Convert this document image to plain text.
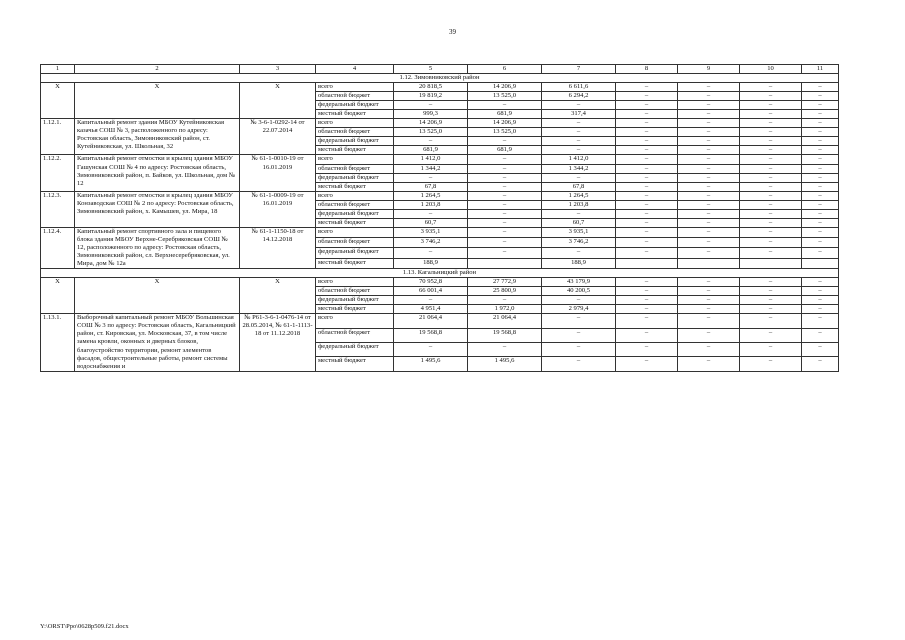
39
1	2	3	4	5	6	7	8	9	10	11
1.12. Зимовниковский район										
Х	Х	Х	всего	20 818,5	14 206,9	6 611,6	–	–	–	–
			областной бюджет	19 819,2	13 525,0	6 294,2	–	–	–	–
			федеральный бюджет	–	–	–	–	–	–	–
			местный бюджет	999,3	681,9	317,4	–	–	–	–
1.12.1.	Капитальный ремонт здания МБОУ Кутейниковская казачья СОШ № 3, расположенного по адресу: Ростовская область, Зимовниковский район, ст. Кутейниковская, ул. Школьная, 32	№ 3-6-1-0292-14 от 22.07.2014	всего	14 206,9	14 206,9	–	–	–	–	–
			областной бюджет	13 525,0	13 525,0	–	–	–	–	–
			федеральный бюджет	–	–	–	–	–	–	–
			местный бюджет	681,9	681,9	–	–	–	–	–
1.12.2.	Капитальный ремонт отмостки и крылец здания МБОУ Гашунская СОШ № 4 по адресу: Ростовская область, Зимовниковский район, п. Байков, ул. Школьная, дом № 12	№ 61-1-0010-19 от 16.01.2019	всего	1 412,0	–	1 412,0	–	–	–	–
			областной бюджет	1 344,2	–	1 344,2	–	–	–	–
			федеральный бюджет	–	–	–	–	–	–	–
			местный бюджет	67,8	–	67,8	–	–	–	–
1.12.3.	Капитальный ремонт отмостки и крылец здания МБОУ Конзаводская СОШ № 2 по адресу: Ростовская область, Зимовниковский район, х. Камышев, ул. Мира, 18	№ 61-1-0009-19 от 16.01.2019	всего	1 264,5	–	1 264,5	–	–	–	–
			областной бюджет	1 203,8	–	1 203,8	–	–	–	–
			федеральный бюджет	–	–	–	–	–	–	–
			местный бюджет	60,7	–	60,7	–	–	–	–
1.12.4.	Капитальный ремонт спортивного зала и пищевого блока здания МБОУ Верхне-Серебряковская СОШ № 12, расположенного по адресу: Ростовская область, Зимовниковский район, сл. Верхнесеребряковская, ул. Мира, дом № 12а	№ 61-1-1150-18 от 14.12.2018	всего	3 935,1	–	3 935,1	–	–	–	–
			областной бюджет	3 746,2	–	3 746,2	–	–	–	–
			федеральный бюджет	–	–	–	–	–	–	–
			местный бюджет	188,9		188,9				
1.13. Кагальницкий район										
Х	Х	Х	всего	70 952,8	27 772,9	43 179,9	–	–	–	–
			областной бюджет	66 001,4	25 800,9	40 200,5	–	–	–	–
			федеральный бюджет	–	–	–	–	–	–	–
			местный бюджет	4 951,4	1 972,0	2 979,4	–	–	–	–
1.13.1.	Выборочный капитальный ремонт МБОУ Вольшинская СОШ № 3 по адресу: Ростовская область, Кагальницкий район, ст. Кировская, ул. Московская, 37, в том числе замена кровли, оконных и дверных блоков, благоустройство территории, ремонт элементов фасадов, общестроительные работы, ремонт системы водоснабжения и	№ Р61-3-6-1-0476-14 от 28.05.2014, № 61-1-1113-18 от 11.12.2018	всего	21 064,4	21 064,4	–	–	–	–	–
			областной бюджет	19 568,8	19 568,8	–	–	–	–	–
			федеральный бюджет	–	–	–	–	–	–	–
			местный бюджет	1 495,6	1 495,6	–	–	–	–	–
Y:\ORST\Ppo\0628p509.f21.docx
